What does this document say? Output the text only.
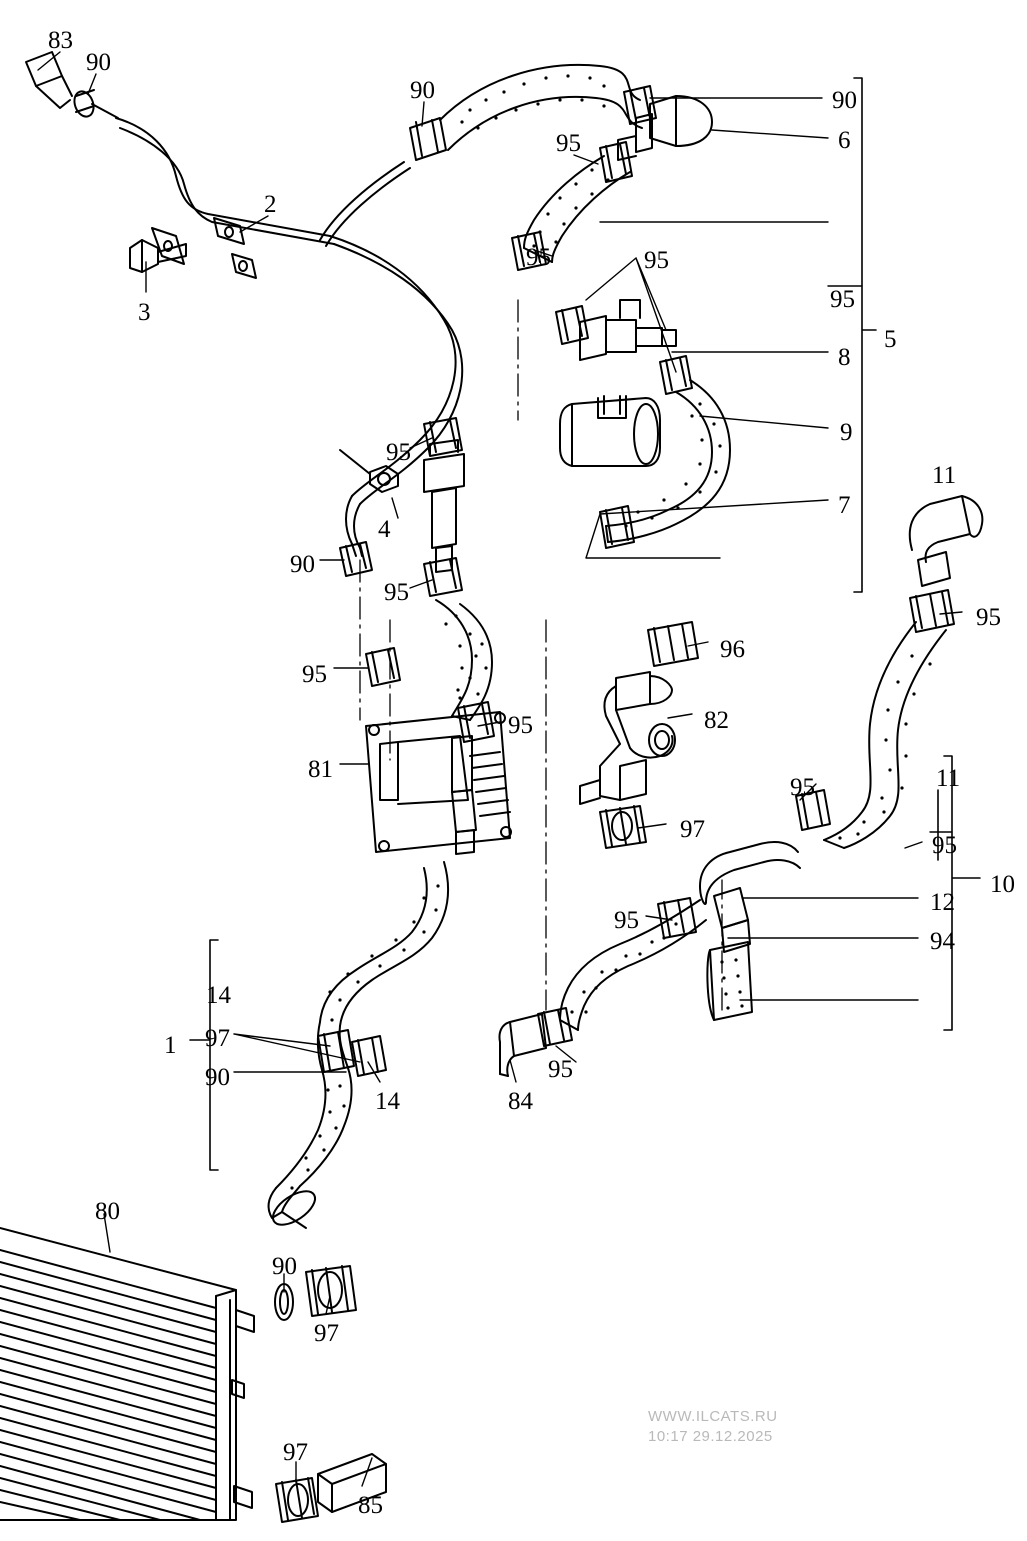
83
90
90	90
6
95
2
3
95	95
95
5
8
9
95
11
7
4
90
95
95
96
95
82
95
81
95	11
97
95
10
12
95
94
14
1 97
90
14
95
84
80
90
97
97
85
WWW.ILCATS.RU
10:17 29.12.2025
